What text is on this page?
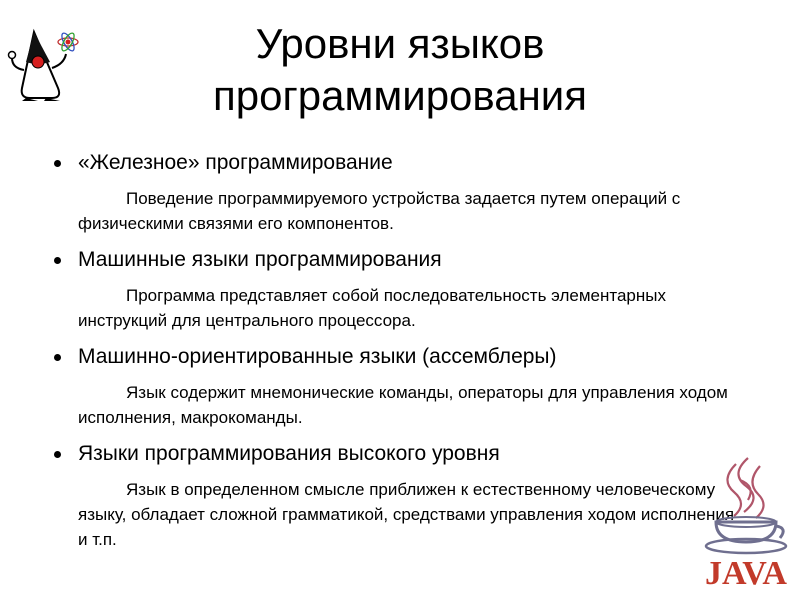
Уровни языков
программирования
«Железное» программирование
Поведение программируемого устройства задается путем операций с физическими связями его компонентов.
Машинные языки программирования
Программа представляет собой последовательность элементарных инструкций для центрального процессора.
Машинно-ориентированные языки (ассемблеры)
Язык содержит мнемонические команды, операторы для управления ходом исполнения, макрокоманды.
Языки программирования высокого уровня
Язык в определенном смысле приближен к естественному человеческому языку, обладает сложной грамматикой, средствами управления ходом исполнения и т.п.
JAVA
